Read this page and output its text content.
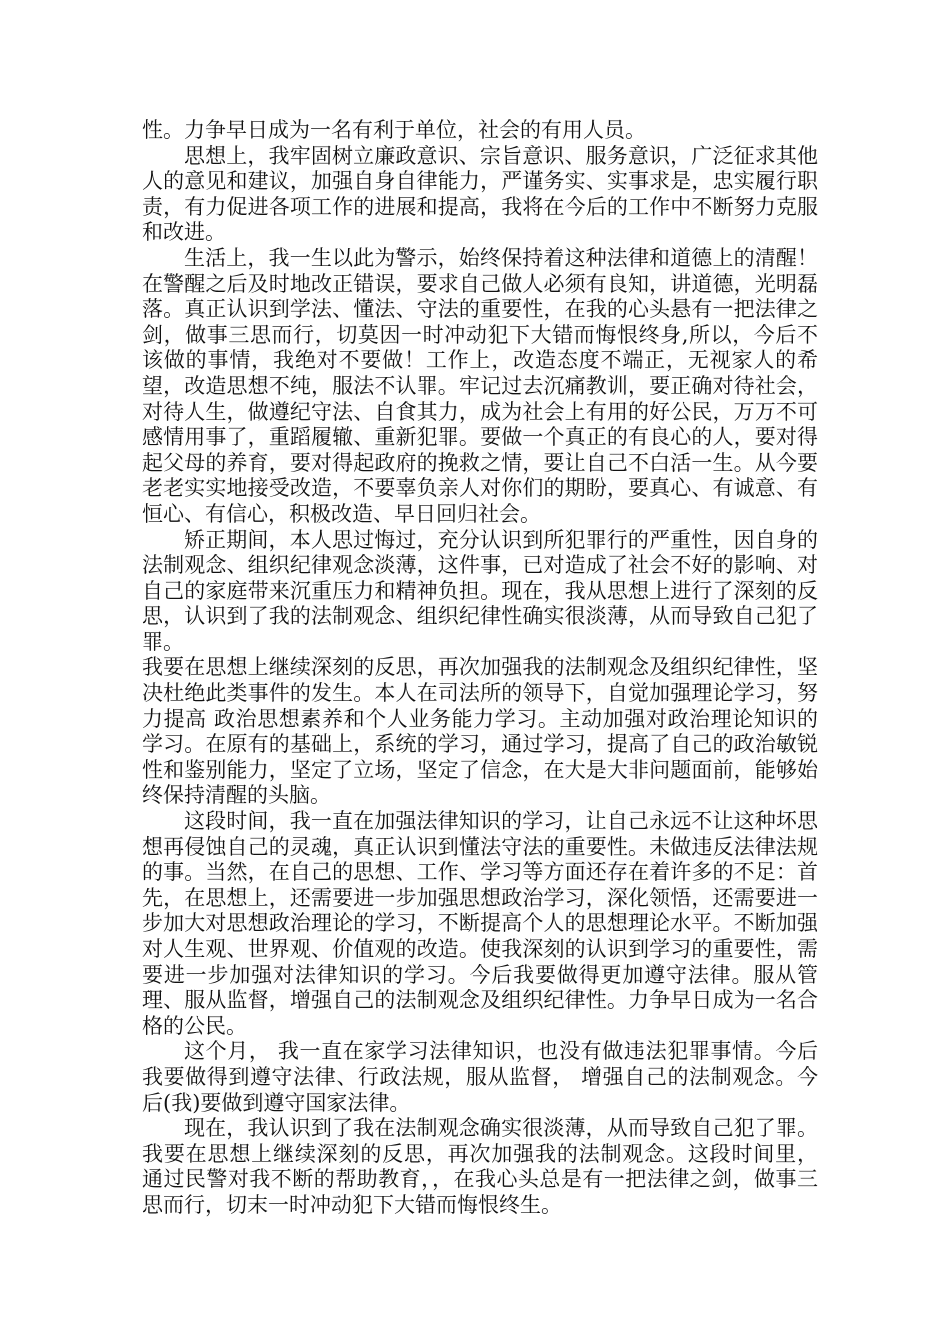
性。力争早日成为一名有利于单位，社会的有用人员。

思想上，我牢固树立廉政意识、宗旨意识、服务意识，广泛征求其他人的意见和建议，加强自身自律能力，严谨务实、实事求是，忠实履行职责，有力促进各项工作的进展和提高，我将在今后的工作中不断努力克服和改进。

生活上，我一生以此为警示，始终保持着这种法律和道德上的清醒！在警醒之后及时地改正错误，要求自己做人必须有良知，讲道德，光明磊落。真正认识到学法、懂法、守法的重要性，在我的心头悬有一把法律之剑，做事三思而行，切莫因一时冲动犯下大错而悔恨终身,所以，今后不该做的事情，我绝对不要做！工作上，改造态度不端正，无视家人的希望，改造思想不纯，服法不认罪。牢记过去沉痛教训，要正确对待社会，对待人生，做遵纪守法、自食其力，成为社会上有用的好公民，万万不可感情用事了，重蹈履辙、重新犯罪。要做一个真正的有良心的人，要对得起父母的养育，要对得起政府的挽救之情，要让自己不白活一生。从今要老老实实地接受改造，不要辜负亲人对你们的期盼，要真心、有诚意、有恒心、有信心，积极改造、早日回归社会。

矫正期间，本人思过悔过，充分认识到所犯罪行的严重性，因自身的法制观念、组织纪律观念淡薄，这件事，已对造成了社会不好的影响、对自己的家庭带来沉重压力和精神负担。现在，我从思想上进行了深刻的反思，认识到了我的法制观念、组织纪律性确实很淡薄，从而导致自己犯了罪。

我要在思想上继续深刻的反思，再次加强我的法制观念及组织纪律性，坚决杜绝此类事件的发生。本人在司法所的领导下，自觉加强理论学习，努力提高 政治思想素养和个人业务能力学习。主动加强对政治理论知识的学习。在原有的基础上，系统的学习，通过学习，提高了自己的政治敏锐性和鉴别能力，坚定了立场，坚定了信念，在大是大非问题面前，能够始终保持清醒的头脑。

这段时间，我一直在加强法律知识的学习，让自己永远不让这种坏思想再侵蚀自己的灵魂，真正认识到懂法守法的重要性。未做违反法律法规的事。当然，在自己的思想、工作、学习等方面还存在着许多的不足：首先，在思想上，还需要进一步加强思想政治学习，深化领悟，还需要进一步加大对思想政治理论的学习，不断提高个人的思想理论水平。不断加强对人生观、世界观、价值观的改造。使我深刻的认识到学习的重要性，需要进一步加强对法律知识的学习。今后我要做得更加遵守法律。服从管理、服从监督，增强自己的法制观念及组织纪律性。力争早日成为一名合格的公民。

这个月， 我一直在家学习法律知识，也没有做违法犯罪事情。今后我要做得到遵守法律、行政法规，服从监督， 增强自己的法制观念。今后(我)要做到遵守国家法律。

现在，我认识到了我在法制观念确实很淡薄，从而导致自己犯了罪。我要在思想上继续深刻的反思，再次加强我的法制观念。这段时间里， 通过民警对我不断的帮助教育，，在我心头总是有一把法律之剑，做事三思而行，切末一时冲动犯下大错而悔恨终生。
